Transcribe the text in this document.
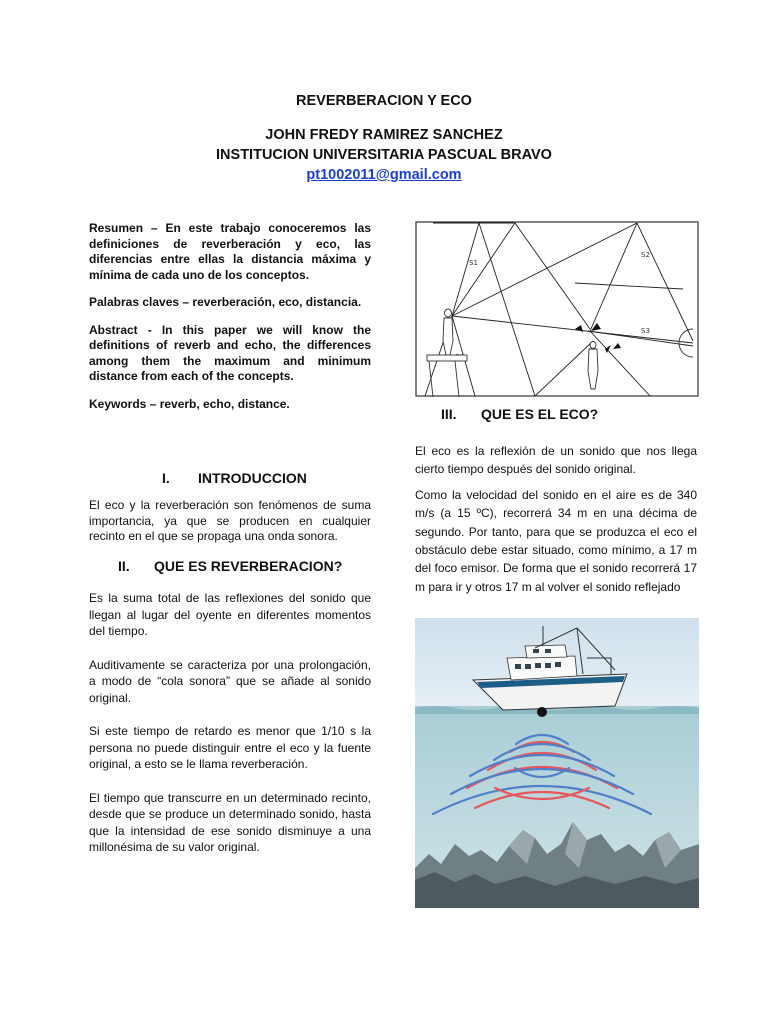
REVERBERACION Y ECO
JOHN FREDY RAMIREZ SANCHEZ
INSTITUCION UNIVERSITARIA PASCUAL BRAVO
pt1002011@gmail.com

Resumen – En este trabajo conoceremos las definiciones de reverberación y eco, las diferencias entre ellas la distancia máxima y mínima de cada uno de los conceptos.

Palabras claves – reverberación, eco, distancia.

Abstract - In this paper we will know the definitions of reverb and echo, the differences among them the maximum and minimum distance from each of the concepts.

Keywords – reverb, echo, distance.

I. INTRODUCCION

El eco y la reverberación son fenómenos de suma importancia, ya que se producen en cualquier recinto en el que se propaga una onda sonora.

II. QUE ES REVERBERACION?

Es la suma total de las reflexiones del sonido que llegan al lugar del oyente en diferentes momentos del tiempo.

Auditivamente se caracteriza por una prolongación, a modo de “cola sonora” que se añade al sonido original.

Si este tiempo de retardo es menor que 1/10 s la persona no puede distinguir entre el eco y la fuente original, a esto se le llama reverberación.

El tiempo que transcurre en un determinado recinto, desde que se produce un determinado sonido, hasta que la intensidad de ese sonido disminuye a una millonésima de su valor original.

S1
S2
S3
III. QUE ES EL ECO?

El eco es la reflexión de un sonido que nos llega cierto tiempo después del sonido original.

Como la velocidad del sonido en el aire es de 340 m/s (a 15 ºC), recorrerá 34 m en una décima de segundo. Por tanto, para que se produzca el eco el obstáculo debe estar situado, como mínimo, a 17 m del foco emisor. De forma que el sonido recorrerá 17 m para ir y otros 17 m al volver el sonido reflejado
